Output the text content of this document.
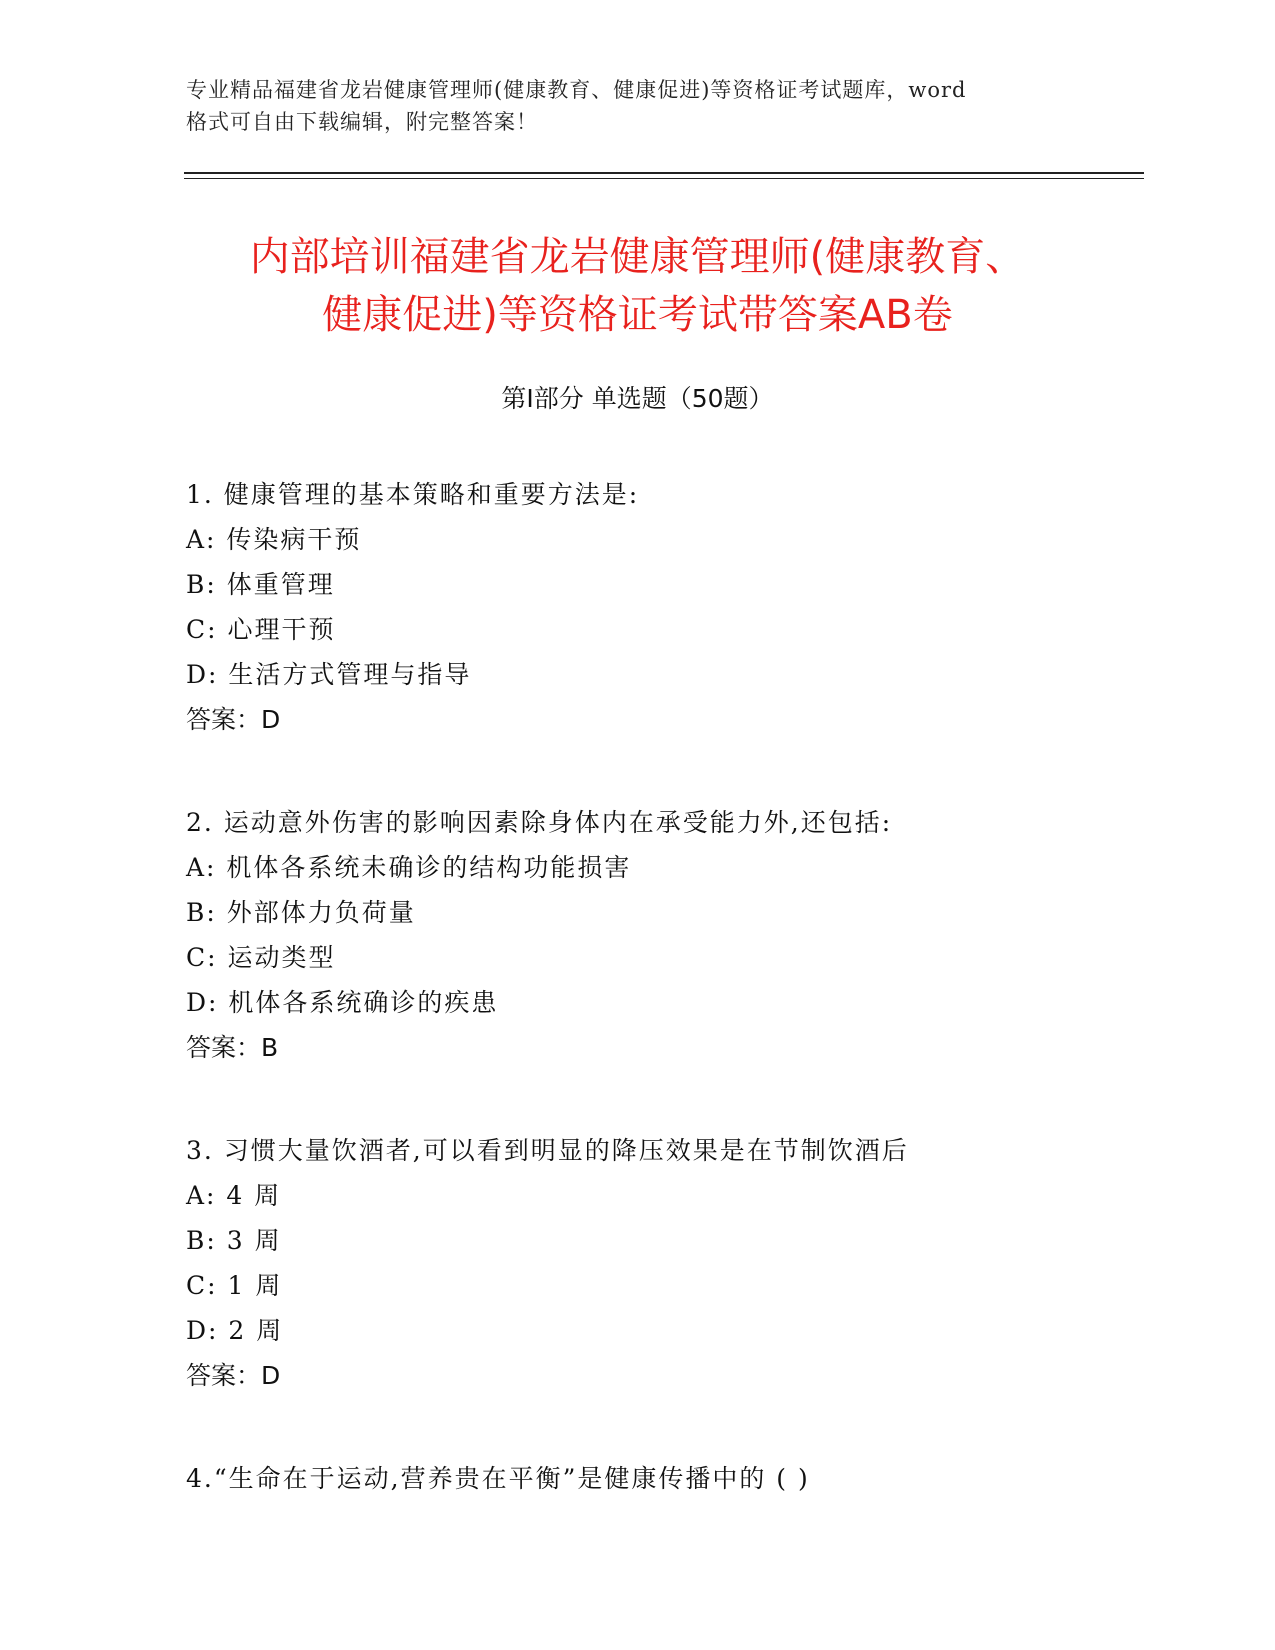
专业精品福建省龙岩健康管理师(健康教育、健康促进)等资格证考试题库，word
格式可自由下载编辑，附完整答案！
内部培训福建省龙岩健康管理师(健康教育、
健康促进)等资格证考试带答案AB卷
第Ⅰ部分 单选题（50题）
1. 健康管理的基本策略和重要方法是:
A: 传染病干预
B: 体重管理
C: 心理干预
D: 生活方式管理与指导
答案：D
2. 运动意外伤害的影响因素除身体内在承受能力外,还包括:
A: 机体各系统未确诊的结构功能损害
B: 外部体力负荷量
C: 运动类型
D: 机体各系统确诊的疾患
答案：B
3. 习惯大量饮酒者,可以看到明显的降压效果是在节制饮酒后
A: 4 周
B: 3 周
C: 1 周
D: 2 周
答案：D
4.“生命在于运动,营养贵在平衡”是健康传播中的 ( )
